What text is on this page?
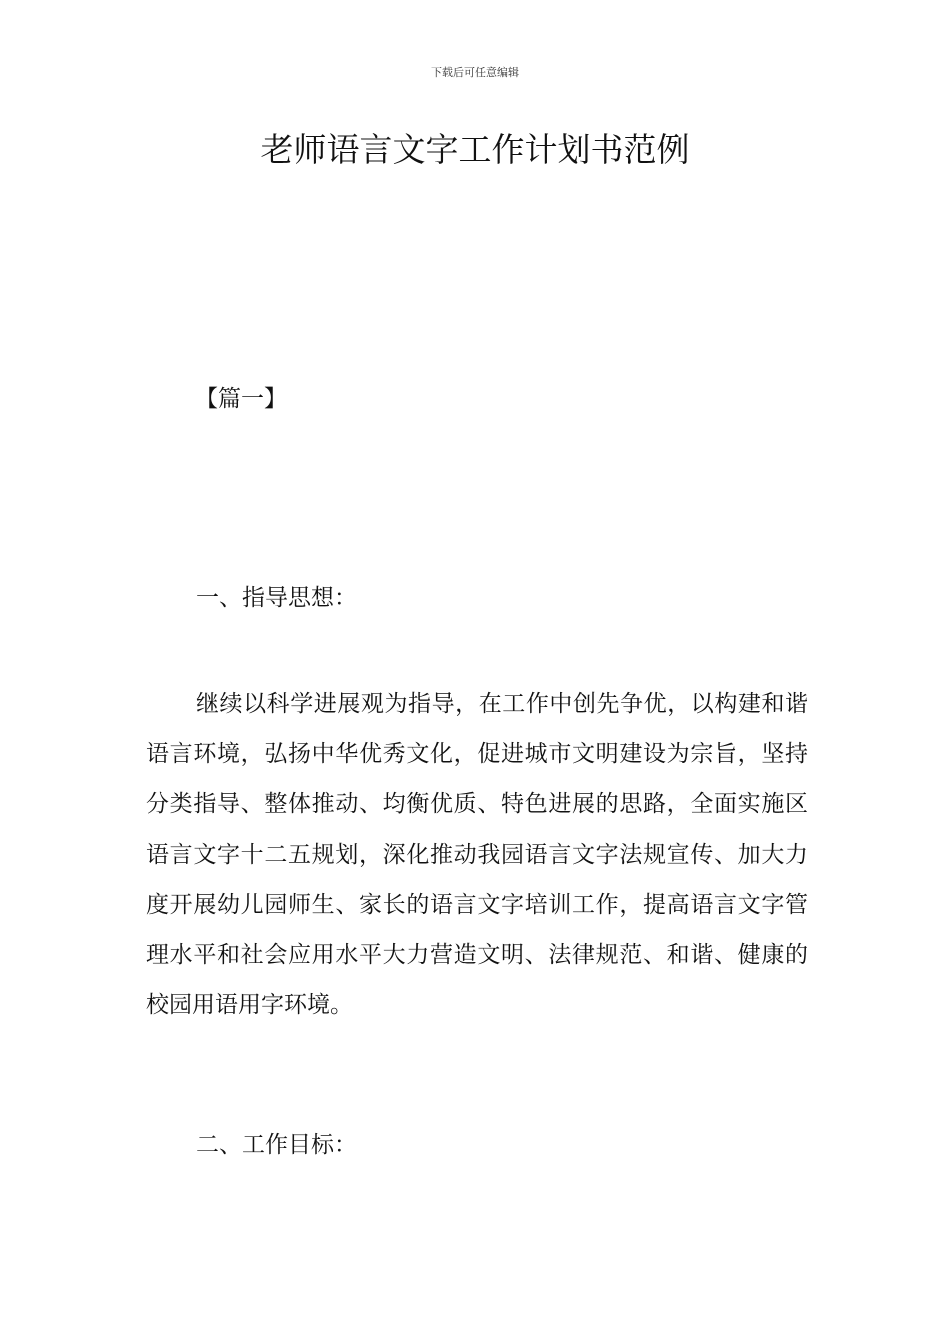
下载后可任意编辑
老师语言文字工作计划书范例
【篇一】
一、指导思想：

继续以科学进展观为指导，在工作中创先争优，以构建和谐语言环境，弘扬中华优秀文化，促进城市文明建设为宗旨，坚持分类指导、整体推动、均衡优质、特色进展的思路，全面实施区语言文字十二五规划，深化推动我园语言文字法规宣传、加大力度开展幼儿园师生、家长的语言文字培训工作，提高语言文字管理水平和社会应用水平大力营造文明、法律规范、和谐、健康的校园用语用字环境。

二、工作目标：
